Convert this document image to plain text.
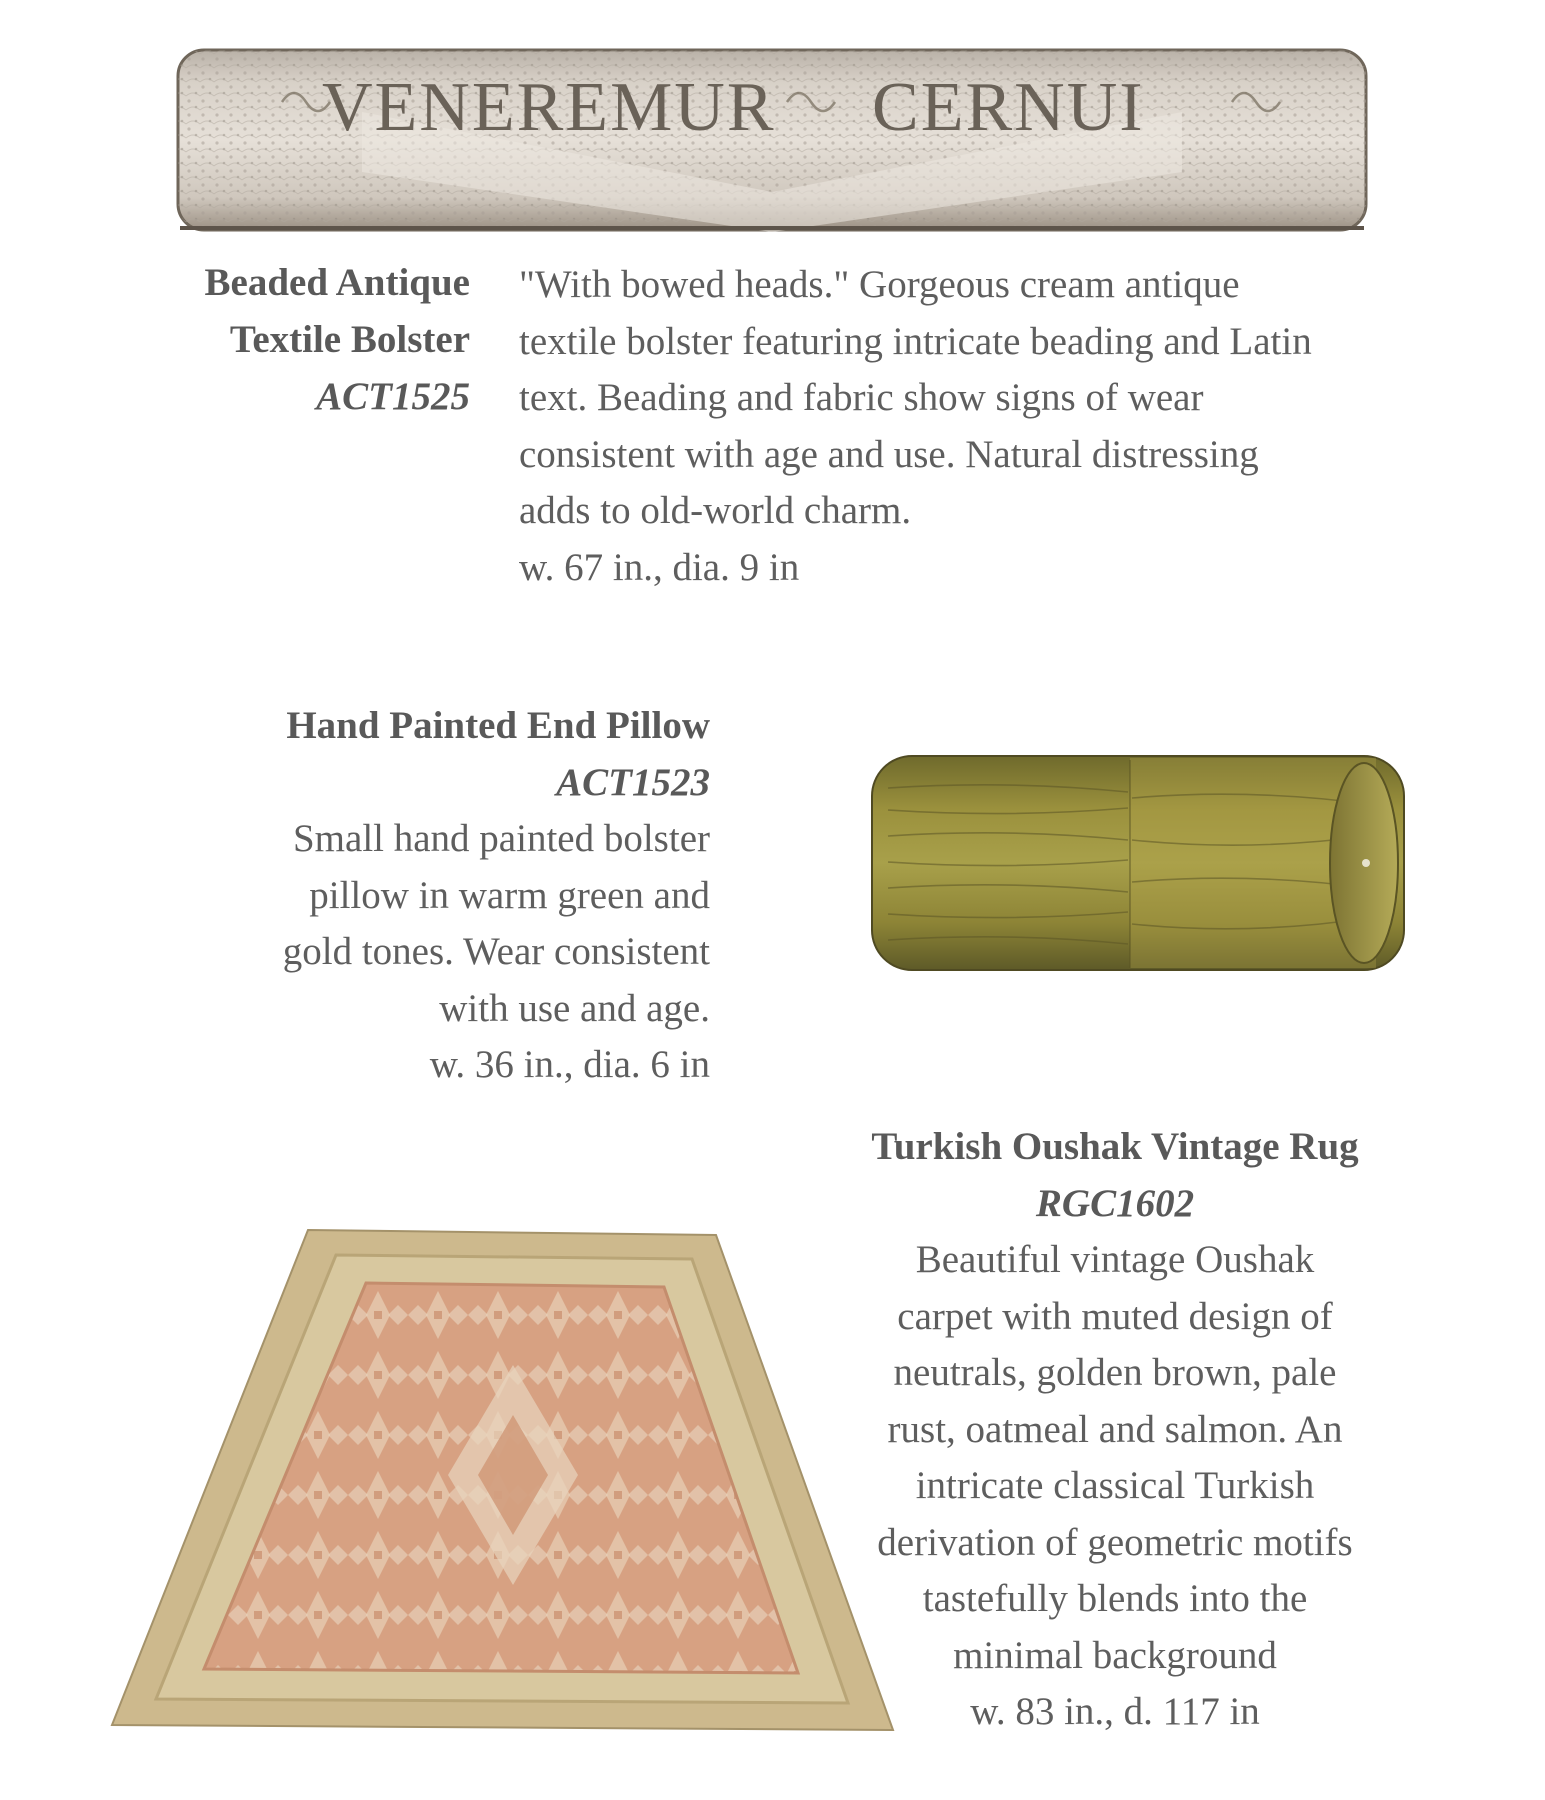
VENEREMUR CERNUI
Beaded Antique
Textile Bolster
ACT1525
"With bowed heads." Gorgeous cream antique
textile bolster featuring intricate beading and Latin
text. Beading and fabric show signs of wear
consistent with age and use. Natural distressing
adds to old-world charm.
w. 67 in., dia. 9 in
Hand Painted End Pillow
ACT1523
Small hand painted bolster
pillow in warm green and
gold tones. Wear consistent
with use and age.
w. 36 in., dia. 6 in
Turkish Oushak Vintage Rug
RGC1602
Beautiful vintage Oushak
carpet with muted design of
neutrals, golden brown, pale
rust, oatmeal and salmon. An
intricate classical Turkish
derivation of geometric motifs
tastefully blends into the
minimal background
w. 83 in., d. 117 in
